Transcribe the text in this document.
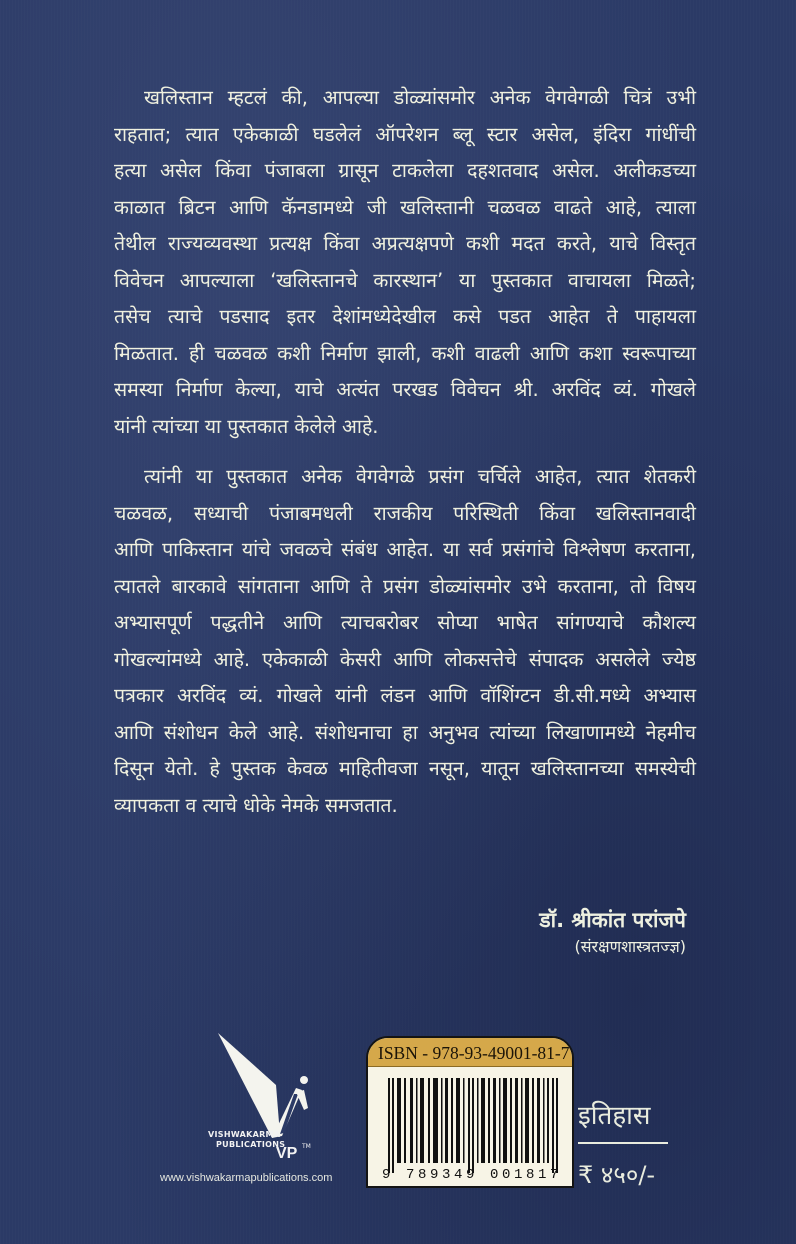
खलिस्तान म्हटलं की, आपल्या डोळ्यांसमोर अनेक वेगवेगळी चित्रं उभी
राहतात; त्यात एकेकाळी घडलेलं ऑपरेशन ब्लू स्टार असेल, इंदिरा गांधींची
हत्या असेल किंवा पंजाबला ग्रासून टाकलेला दहशतवाद असेल. अलीकडच्या
काळात ब्रिटन आणि कॅनडामध्ये जी खलिस्तानी चळवळ वाढते आहे, त्याला
तेथील राज्यव्यवस्था प्रत्यक्ष किंवा अप्रत्यक्षपणे कशी मदत करते, याचे विस्तृत
विवेचन आपल्याला ‘खलिस्तानचे कारस्थान’ या पुस्तकात वाचायला मिळते;
तसेच त्याचे पडसाद इतर देशांमध्येदेखील कसे पडत आहेत ते पाहायला
मिळतात. ही चळवळ कशी निर्माण झाली, कशी वाढली आणि कशा स्वरूपाच्या
समस्या निर्माण केल्या, याचे अत्यंत परखड विवेचन श्री. अरविंद व्यं. गोखले
यांनी त्यांच्या या पुस्तकात केलेले आहे.

त्यांनी या पुस्तकात अनेक वेगवेगळे प्रसंग चर्चिले आहेत, त्यात शेतकरी
चळवळ, सध्याची पंजाबमधली राजकीय परिस्थिती किंवा खलिस्तानवादी
आणि पाकिस्तान यांचे जवळचे संबंध आहेत. या सर्व प्रसंगांचे विश्लेषण करताना,
त्यातले बारकावे सांगताना आणि ते प्रसंग डोळ्यांसमोर उभे करताना, तो विषय
अभ्यासपूर्ण पद्धतीने आणि त्याचबरोबर सोप्या भाषेत सांगण्याचे कौशल्य
गोखल्यांमध्ये आहे. एकेकाळी केसरी आणि लोकसत्तेचे संपादक असलेले ज्येष्ठ
पत्रकार अरविंद व्यं. गोखले यांनी लंडन आणि वॉशिंग्टन डी.सी.मध्ये अभ्यास
आणि संशोधन केले आहे. संशोधनाचा हा अनुभव त्यांच्या लिखाणामध्ये नेहमीच
दिसून येतो. हे पुस्तक केवळ माहितीवजा नसून, यातून खलिस्तानच्या समस्येची
व्यापकता व त्याचे धोके नेमके समजतात.

डॉ. श्रीकांत परांजपे
(संरक्षणशास्त्रतज्ज्ञ)
VISHWAKARMA
PUBLICATIONS
VP TM
www.vishwakarmapublications.com
ISBN - 978-93-49001-81-7
9 789349 001817
इतिहास
₹ ४५०/-
